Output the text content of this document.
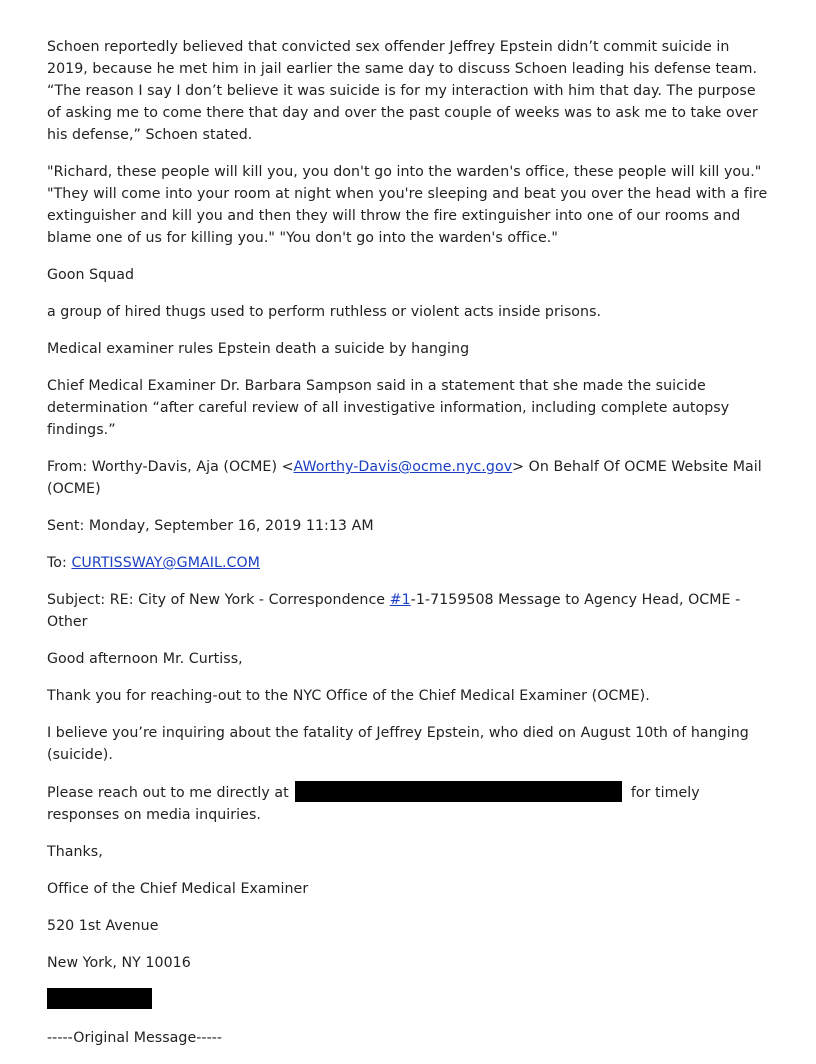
Schoen reportedly believed that convicted sex offender Jeffrey Epstein didn’t commit suicide in 2019, because he met him in jail earlier the same day to discuss Schoen leading his defense team. “The reason I say I don’t believe it was suicide is for my interaction with him that day. The purpose of asking me to come there that day and over the past couple of weeks was to ask me to take over his defense,” Schoen stated.

"Richard, these people will kill you, you don't go into the warden's office, these people will kill you." "They will come into your room at night when you're sleeping and beat you over the head with a fire extinguisher and kill you and then they will throw the fire extinguisher into one of our rooms and blame one of us for killing you." "You don't go into the warden's office."

Goon Squad

a group of hired thugs used to perform ruthless or violent acts inside prisons.

Medical examiner rules Epstein death a suicide by hanging

Chief Medical Examiner Dr. Barbara Sampson said in a statement that she made the suicide determination “after careful review of all investigative information, including complete autopsy findings.”

From: Worthy-Davis, Aja (OCME) <AWorthy-Davis@ocme.nyc.gov> On Behalf Of OCME Website Mail (OCME)

Sent: Monday, September 16, 2019 11:13 AM

To: CURTISSWAY@GMAIL.COM

Subject: RE: City of New York - Correspondence #1-1-7159508 Message to Agency Head, OCME - Other

Good afternoon Mr. Curtiss,

Thank you for reaching-out to the NYC Office of the Chief Medical Examiner (OCME).

I believe you’re inquiring about the fatality of Jeffrey Epstein, who died on August 10th of hanging (suicide).

Please reach out to me directly at	for timely responses on media inquiries.

Thanks,

Office of the Chief Medical Examiner

520 1st Avenue

New York, NY 10016

-----Original Message-----
